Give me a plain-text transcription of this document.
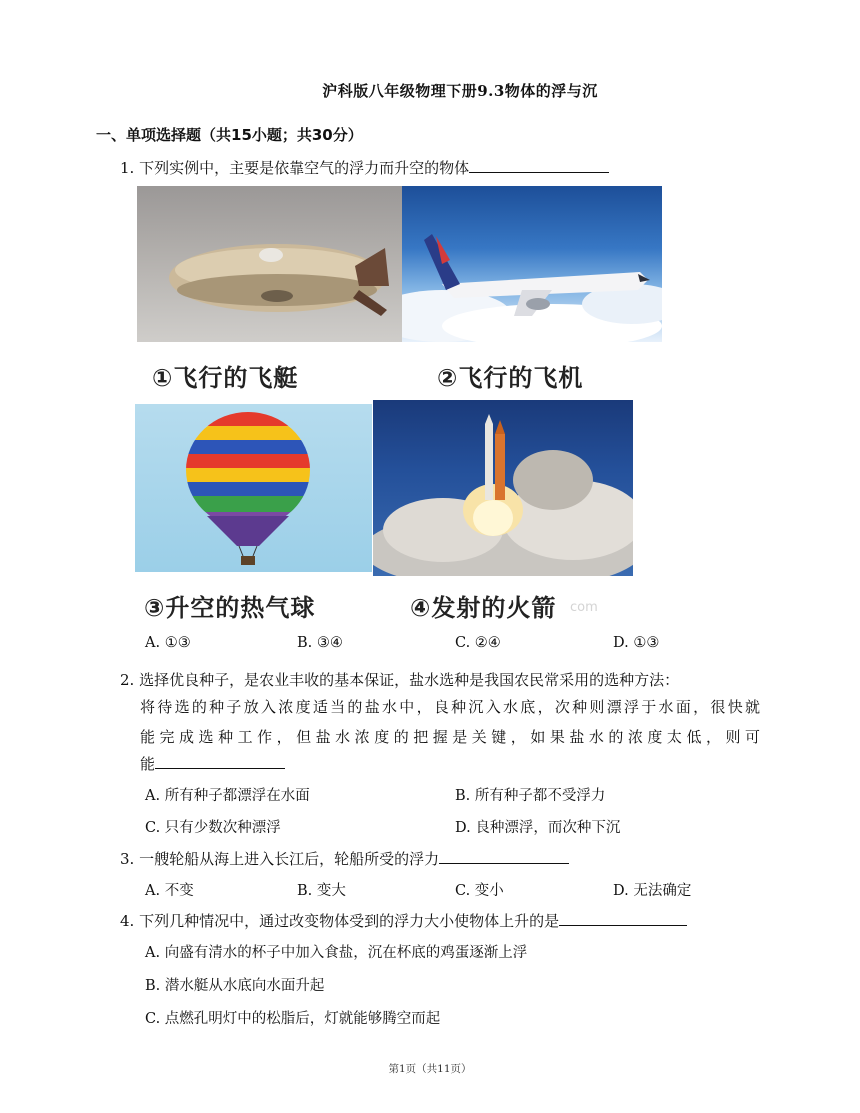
沪科版八年级物理下册9.3物体的浮与沉
一、单项选择题（共15小题；共30分）
1. 下列实例中，主要是依靠空气的浮力而升空的物体
①飞行的飞艇	②飞行的飞机
③升空的热气球	④发射的火箭 com
A. ①③	B. ③④	C. ②④	D. ①③
2. 选择优良种子，是农业丰收的基本保证，盐水选种是我国农民常采用的选种方法：
将待选的种子放入浓度适当的盐水中，良种沉入水底，次种则漂浮于水面，很快就
能完成选种工作，但盐水浓度的把握是关键，如果盐水的浓度太低，则可
能
A. 所有种子都漂浮在水面	B. 所有种子都不受浮力
C. 只有少数次种漂浮	D. 良种漂浮，而次种下沉
3. 一艘轮船从海上进入长江后，轮船所受的浮力
A. 不变	B. 变大	C. 变小	D. 无法确定
4. 下列几种情况中，通过改变物体受到的浮力大小使物体上升的是
A. 向盛有清水的杯子中加入食盐，沉在杯底的鸡蛋逐渐上浮
B. 潜水艇从水底向水面升起
C. 点燃孔明灯中的松脂后，灯就能够腾空而起
第1页（共11页）
